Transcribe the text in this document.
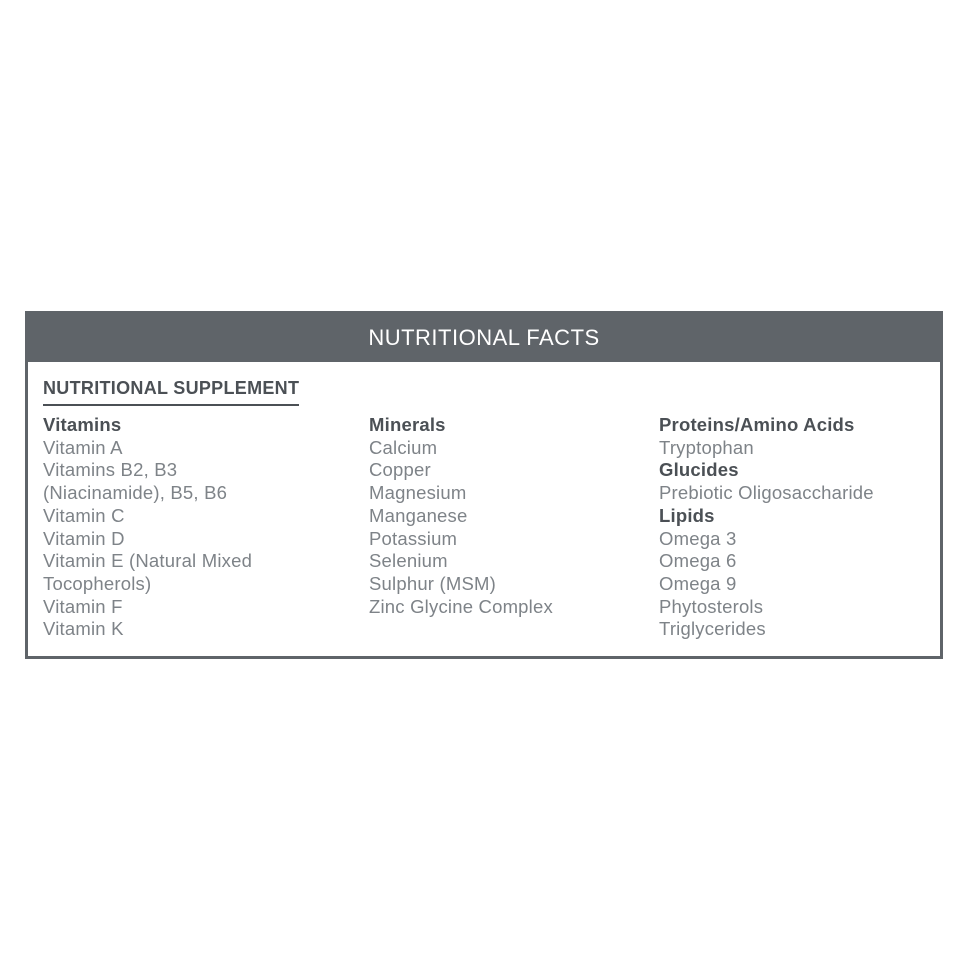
NUTRITIONAL FACTS
NUTRITIONAL SUPPLEMENT
Vitamins
Vitamin A
Vitamins B2, B3
(Niacinamide), B5, B6
Vitamin C
Vitamin D
Vitamin E (Natural Mixed
Tocopherols)
Vitamin F
Vitamin K
Minerals
Calcium
Copper
Magnesium
Manganese
Potassium
Selenium
Sulphur (MSM)
Zinc Glycine Complex
Proteins/Amino Acids
Tryptophan
Glucides
Prebiotic Oligosaccharide
Lipids
Omega 3
Omega 6
Omega 9
Phytosterols
Triglycerides
